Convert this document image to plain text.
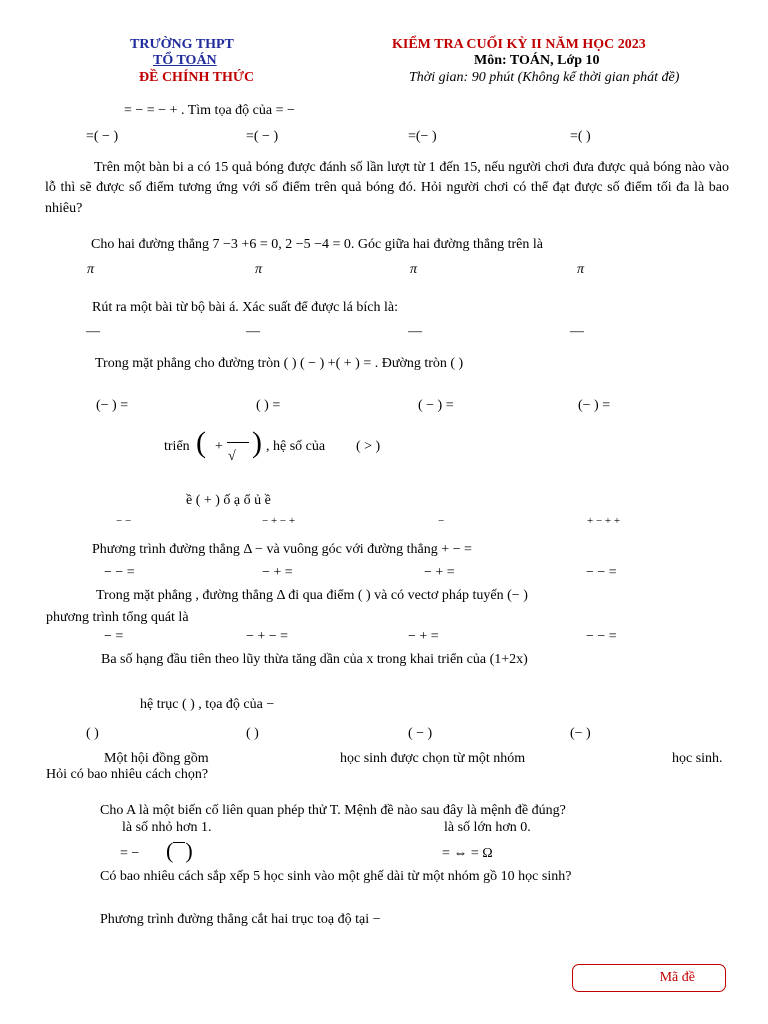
TRƯỜNG THPT
TỔ TOÁN
ĐỀ CHÍNH THỨC
KIỂM TRA CUỐI KỲ II NĂM HỌC 2023
Môn: TOÁN, Lớp 10
Thời gian: 90 phút (Không kể thời gian phát đề)
= − = − + . Tìm tọa độ của = −
=( − )	=( − )	=(− )	=( )
Trên một bàn bi a có 15 quả bóng được đánh số lần lượt từ 1 đến 15, nếu người chơi đưa được quả bóng nào vào lỗ thì sẽ được số điểm tương ứng với số điểm trên quả bóng đó. Hỏi người chơi có thể đạt được số điểm tối đa là bao nhiêu?
Cho hai đường thẳng 7 −3 +6 = 0, 2 −5 −4 = 0. Góc giữa hai đường thẳng trên là
π	π	π	π
Rút ra một bài từ bộ bài á. Xác suất để được lá bích là:
—	—	—	—
Trong mặt phẳng cho đường tròn ( ) ( − ) +( + ) = . Đường tròn ( )
(− ) =	( ) =	( − ) =	(− ) =
triển ( +
√ ) , hệ số của ( > )
ề ( + ) ố ạ ổ ủ ề
− −	− + − +	−	+ − + +
Phương trình đường thẳng Δ − và vuông góc với đường thẳng + − =
− − =	− + =	− + =	− − =
Trong mặt phẳng , đường thẳng Δ đi qua điểm ( ) và có vectơ pháp tuyến (− )
phương trình tổng quát là
− =	− + − =	− + =	− − =
Ba số hạng đầu tiên theo lũy thừa tăng dần của x trong khai triển của (1+2x)
hệ trục ( ) , tọa độ của −
( )	( )	( − )	(− )
Một hội đồng gồm	học sinh được chọn từ một nhóm	học sinh.
Hỏi có bao nhiêu cách chọn?
Cho A là một biến cố liên quan phép thử T. Mệnh đề nào sau đây là mệnh đề đúng?
là số nhỏ hơn 1.	là số lớn hơn 0.
= − ( )	= ⇔ = Ω
Có bao nhiêu cách sắp xếp 5 học sinh vào một ghế dài từ một nhóm gồ 10 học sinh?
Phương trình đường thẳng cắt hai trục toạ độ tại −
Mã đề
